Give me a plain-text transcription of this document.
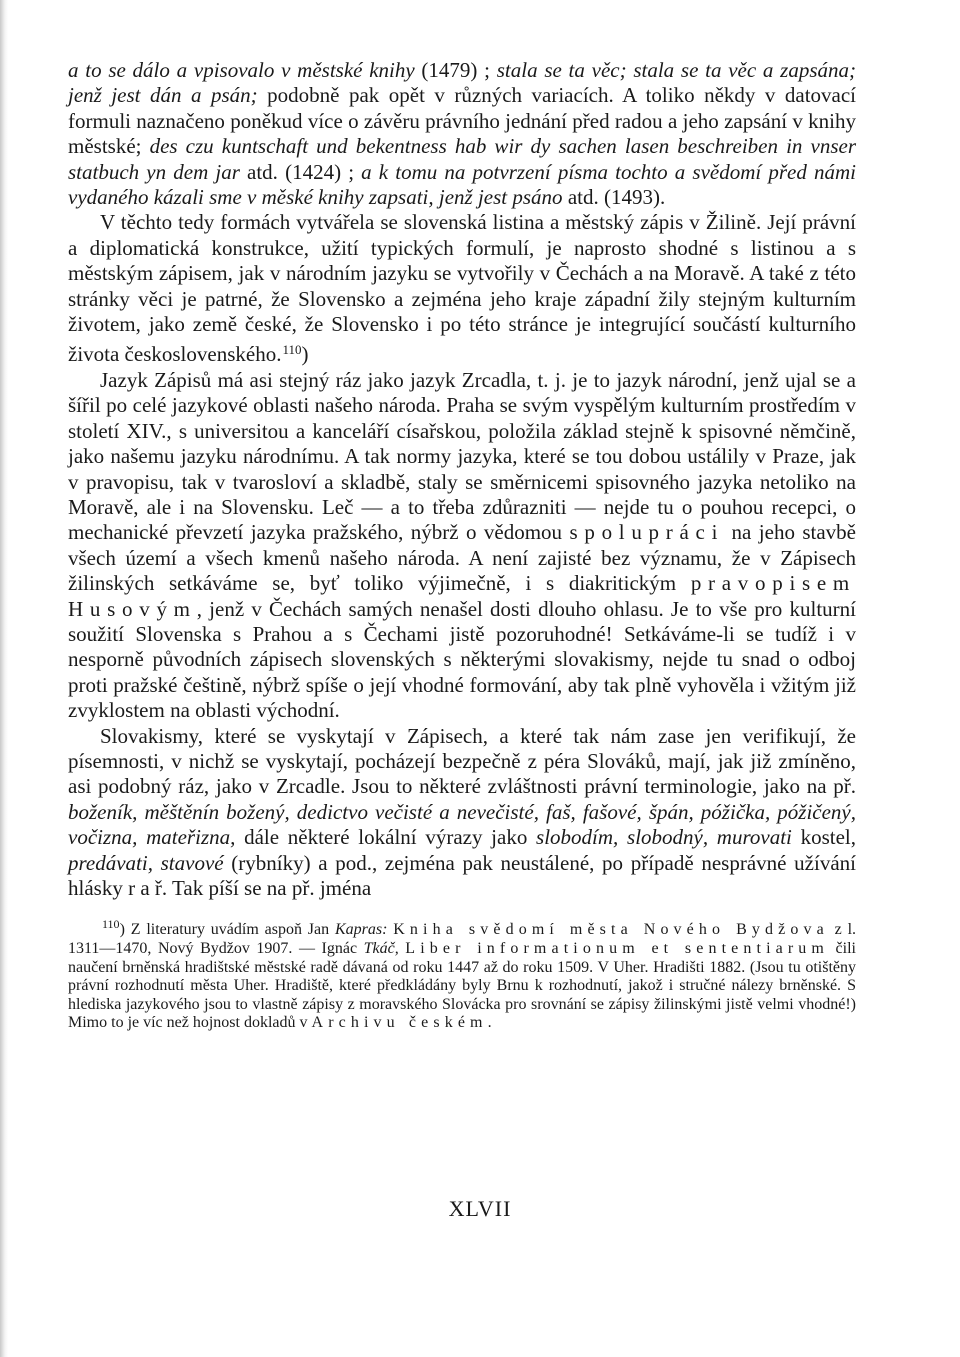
a to se dálo a vpisovalo v městské knihy (1479) ; stala se ta věc; stala se ta věc a zapsána; jenž jest dán a psán; podobně pak opět v různých variacích. A toliko někdy v datovací formuli naznačeno poněkud více o závěru právního jednání před radou a jeho zapsání v knihy městské; des czu kuntschaft und bekentness hab wir dy sachen lasen beschreiben in vnser statbuch yn dem jar atd. (1424) ; a k tomu na potvrzení písma tochto a svědomí před námi vydaného kázali sme v měské knihy zapsati, jenž jest psáno atd. (1493).

V těchto tedy formách vytvářela se slovenská listina a městský zápis v Žilině. Její právní a diplomatická konstrukce, užití typických formulí, je naprosto shodné s listinou a s městským zápisem, jak v národním jazyku se vytvořily v Čechách a na Moravě. A také z této stránky věci je patrné, že Slovensko a zejména jeho kraje západní žily stejným kulturním životem, jako země české, že Slovensko i po této stránce je integrující součástí kulturního života československého.$^{110}$)

Jazyk Zápisů má asi stejný ráz jako jazyk Zrcadla, t. j. je to jazyk národní, jenž ujal se a šířil po celé jazykové oblasti našeho národa. Praha se svým vyspělým kulturním prostředím v století XIV., s universitou a kanceláří císařskou, položila základ stejně k spisovné němčině, jako našemu jazyku národnímu. A tak normy jazyka, které se tou dobou ustálily v Praze, jak v pravopisu, tak v tvarosloví a skladbě, staly se směrnicemi spisovného jazyka netoliko na Moravě, ale i na Slovensku. Leč — a to třeba zdůrazniti — nejde tu o pouhou recepci, o mechanické převzetí jazyka pražského, nýbrž o vědomou spolupráci na jeho stavbě všech území a všech kmenů našeho národa. A není zajisté bez významu, že v Zápisech žilinských setkáváme se, byť toliko výjimečně, i s diakritickým pravopisem Husovým, jenž v Čechách samých nenašel dosti dlouho ohlasu. Je to vše pro kulturní soužití Slovenska s Prahou a s Čechami jistě pozoruhodné! Setkáváme-li se tudíž i v nesporně původních zápisech slovenských s některými slovakismy, nejde tu snad o odboj proti pražské češtině, nýbrž spíše o její vhodné formování, aby tak plně vyhověla i vžitým již zvyklostem na oblasti východní.

Slovakismy, které se vyskytají v Zápisech, a které tak nám zase jen verifikují, že písemnosti, v nichž se vyskytají, pocházejí bezpečně z péra Slováků, mají, jak již zmíněno, asi podobný ráz, jako v Zrcadle. Jsou to některé zvláštnosti právní terminologie, jako na př. boženík, měštěnín božený, dedictvo večisté a nevečisté, faš, fašové, špán, póžička, póžičený, vočizna, mateřizna, dále některé lokální výrazy jako slobodím, slobodný, murovati kostel, predávati, stavové (rybníky) a pod., zejména pak neustálené, po případě nesprávné užívání hlásky r a ř. Tak píší se na př. jména

$^{110}$) Z literatury uvádím aspoň Jan Kapras: Kniha svědomí města Nového Bydžova z l. 1311—1470, Nový Bydžov 1907. — Ignác Tkáč, Liber informationum et sententiarum čili naučení brněnská hradištské městské radě dávaná od roku 1447 až do roku 1509. V Uher. Hradišti 1882. (Jsou tu otištěny právní rozhodnutí města Uher. Hradiště, které předkládány byly Brnu k rozhodnutí, jakož i stručné nálezy brněnské. S hlediska jazykového jsou to vlastně zápisy z moravského Slovácka pro srovnání se zápisy žilinskými jistě velmi vhodné!) Mimo to je víc než hojnost dokladů v Archivu českém.

XLVII
